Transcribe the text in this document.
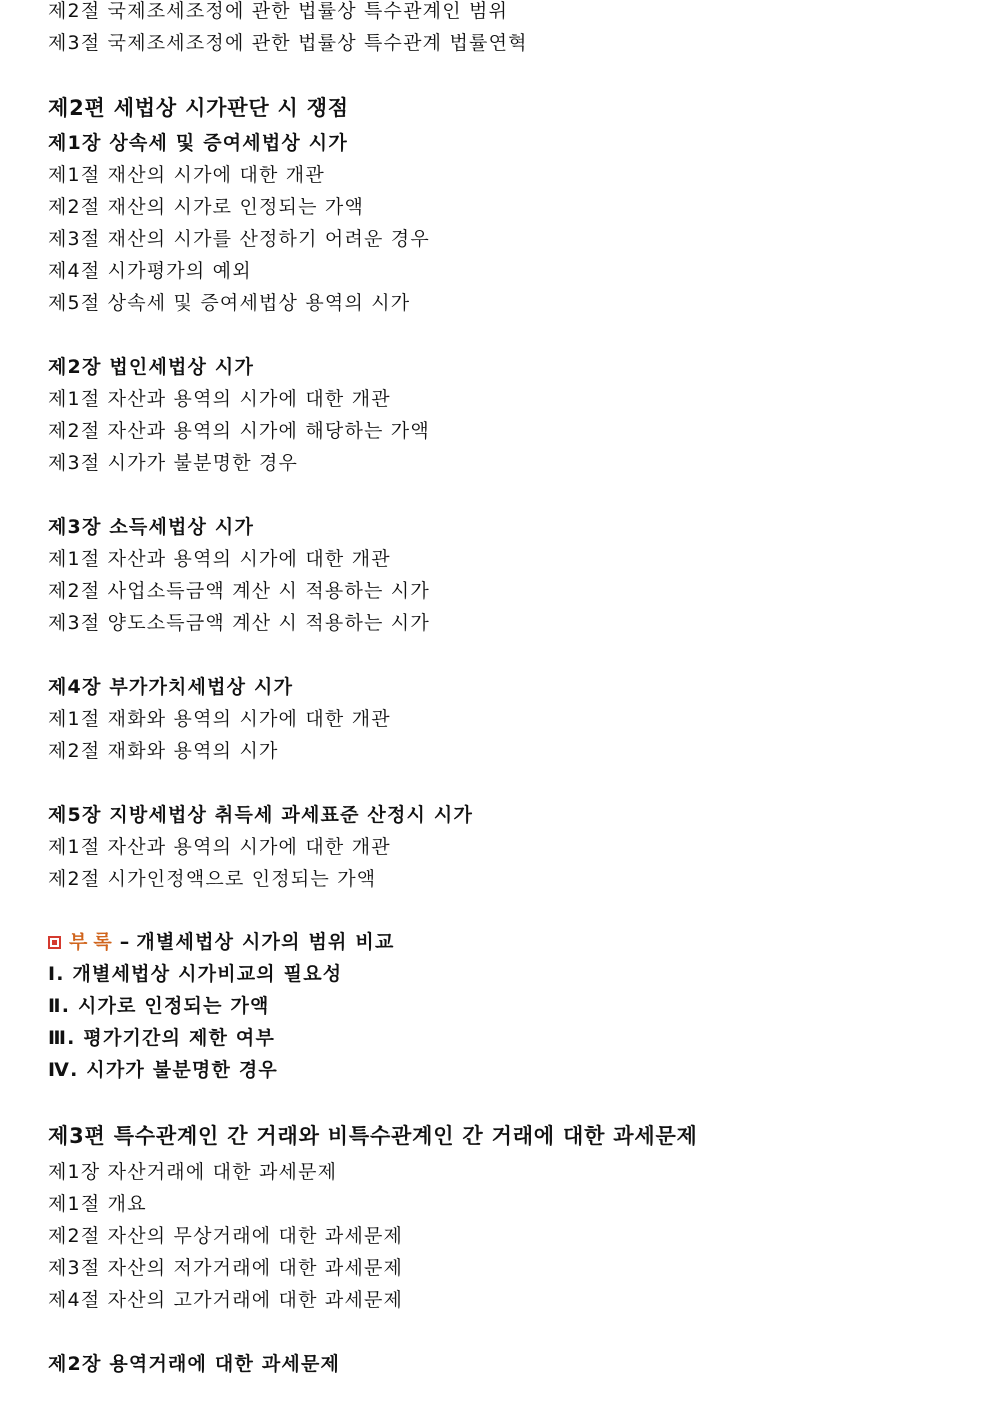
제2절 국제조세조정에 관한 법률상 특수관계인 범위
제3절 국제조세조정에 관한 법률상 특수관계 법률연혁
제2편 세법상 시가판단 시 쟁점
제1장 상속세 및 증여세법상 시가
제1절 재산의 시가에 대한 개관
제2절 재산의 시가로 인정되는 가액
제3절 재산의 시가를 산정하기 어려운 경우
제4절 시가평가의 예외
제5절 상속세 및 증여세법상 용역의 시가
제2장 법인세법상 시가
제1절 자산과 용역의 시가에 대한 개관
제2절 자산과 용역의 시가에 해당하는 가액
제3절 시가가 불분명한 경우
제3장 소득세법상 시가
제1절 자산과 용역의 시가에 대한 개관
제2절 사업소득금액 계산 시 적용하는 시가
제3절 양도소득금액 계산 시 적용하는 시가
제4장 부가가치세법상 시가
제1절 재화와 용역의 시가에 대한 개관
제2절 재화와 용역의 시가
제5장 지방세법상 취득세 과세표준 산정시 시가
제1절 자산과 용역의 시가에 대한 개관
제2절 시가인정액으로 인정되는 가액
부록 – 개별세법상 시가의 범위 비교
Ⅰ. 개별세법상 시가비교의 필요성
Ⅱ. 시가로 인정되는 가액
Ⅲ. 평가기간의 제한 여부
Ⅳ. 시가가 불분명한 경우
제3편 특수관계인 간 거래와 비특수관계인 간 거래에 대한 과세문제
제1장 자산거래에 대한 과세문제
제1절 개요
제2절 자산의 무상거래에 대한 과세문제
제3절 자산의 저가거래에 대한 과세문제
제4절 자산의 고가거래에 대한 과세문제
제2장 용역거래에 대한 과세문제
